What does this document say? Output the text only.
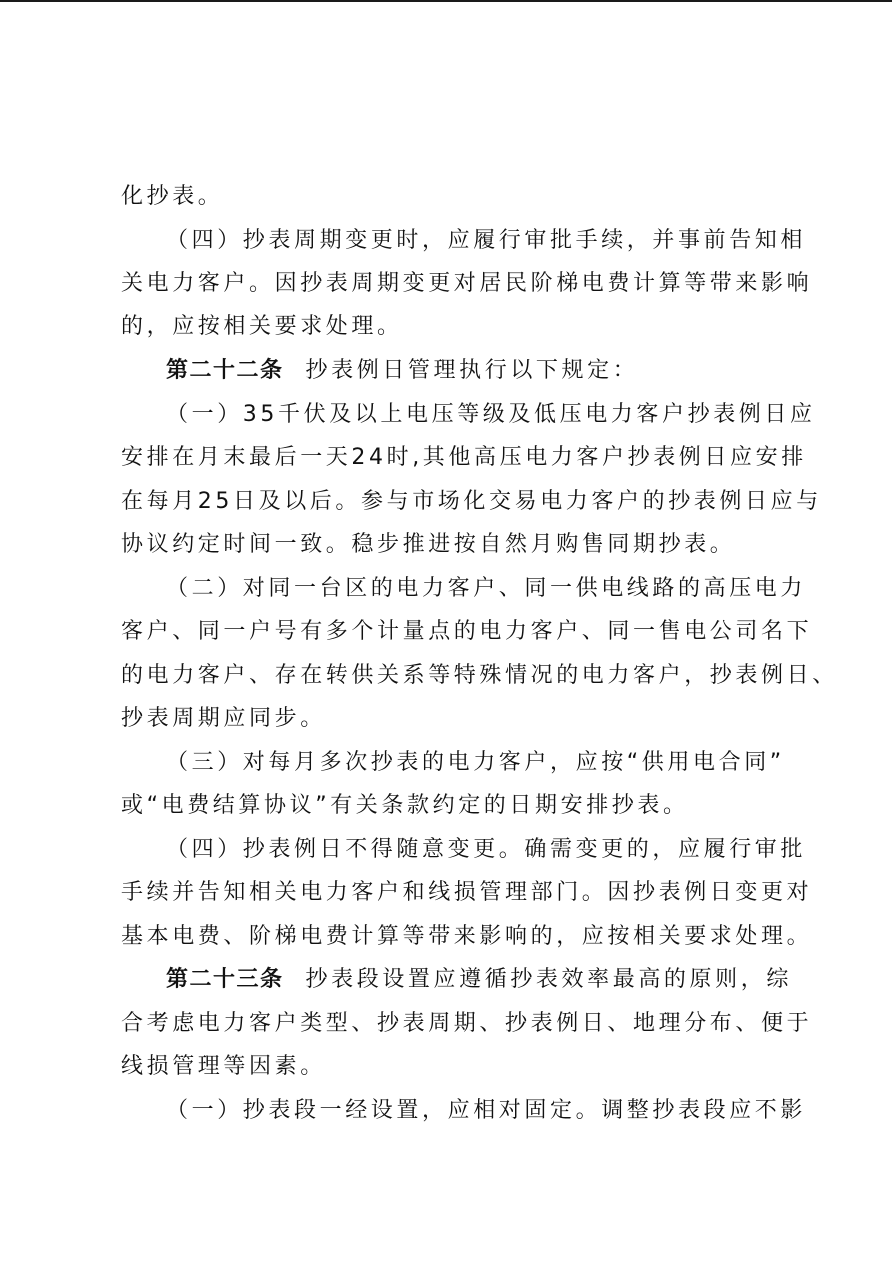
化抄表。
（四）抄表周期变更时，应履行审批手续，并事前告知相
关电力客户。因抄表周期变更对居民阶梯电费计算等带来影响
的，应按相关要求处理。
第二十二条 抄表例日管理执行以下规定：
（一）35千伏及以上电压等级及低压电力客户抄表例日应
安排在月末最后一天24时,其他高压电力客户抄表例日应安排
在每月25日及以后。参与市场化交易电力客户的抄表例日应与
协议约定时间一致。稳步推进按自然月购售同期抄表。
（二）对同一台区的电力客户、同一供电线路的高压电力
客户、同一户号有多个计量点的电力客户、同一售电公司名下
的电力客户、存在转供关系等特殊情况的电力客户，抄表例日、
抄表周期应同步。
（三）对每月多次抄表的电力客户，应按“供用电合同”
或“电费结算协议”有关条款约定的日期安排抄表。
（四）抄表例日不得随意变更。确需变更的，应履行审批
手续并告知相关电力客户和线损管理部门。因抄表例日变更对
基本电费、阶梯电费计算等带来影响的，应按相关要求处理。
第二十三条 抄表段设置应遵循抄表效率最高的原则，综
合考虑电力客户类型、抄表周期、抄表例日、地理分布、便于
线损管理等因素。
（一）抄表段一经设置，应相对固定。调整抄表段应不影
